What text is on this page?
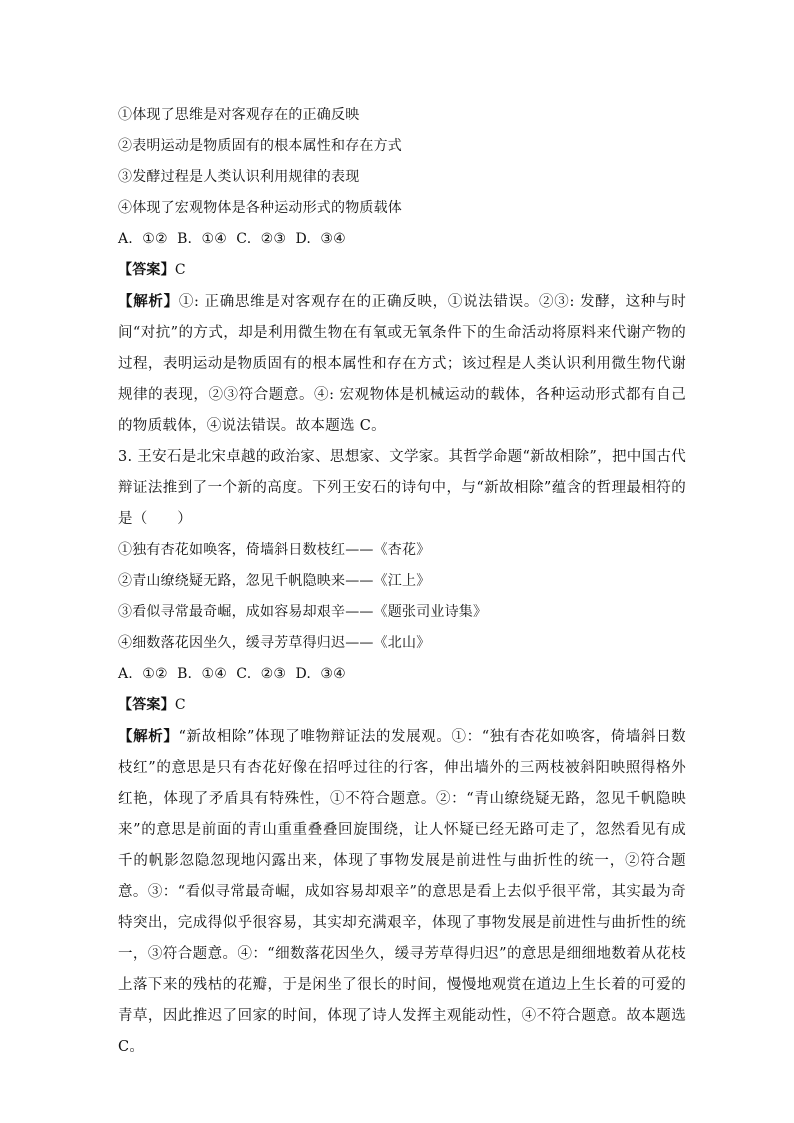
①体现了思维是对客观存在的正确反映
②表明运动是物质固有的根本属性和存在方式
③发酵过程是人类认识利用规律的表现
④体现了宏观物体是各种运动形式的物质载体
A.  ①②  B.  ①④  C.  ②③  D.  ③④
【答案】C
【解析】①: 正确思维是对客观存在的正确反映，①说法错误。②③: 发酵，这种与时间“对抗”的方式，却是利用微生物在有氧或无氧条件下的生命活动将原料来代谢产物的过程，表明运动是物质固有的根本属性和存在方式；该过程是人类认识利用微生物代谢规律的表现，②③符合题意。④: 宏观物体是机械运动的载体，各种运动形式都有自己的物质载体，④说法错误。故本题选 C。
3. 王安石是北宋卓越的政治家、思想家、文学家。其哲学命题“新故相除”，把中国古代辩证法推到了一个新的高度。下列王安石的诗句中，与“新故相除”蕴含的哲理最相符的是（　　）
①独有杏花如唤客，倚墙斜日数枝红——《杏花》
②青山缭绕疑无路，忽见千帆隐映来——《江上》
③看似寻常最奇崛，成如容易却艰辛——《题张司业诗集》
④细数落花因坐久，缓寻芳草得归迟——《北山》
A.  ①②  B.  ①④  C.  ②③  D.  ③④
【答案】C
【解析】“新故相除”体现了唯物辩证法的发展观。①：“独有杏花如唤客，倚墙斜日数枝红”的意思是只有杏花好像在招呼过往的行客，伸出墙外的三两枝被斜阳映照得格外红艳，体现了矛盾具有特殊性，①不符合题意。②：“青山缭绕疑无路，忽见千帆隐映来”的意思是前面的青山重重叠叠回旋围绕，让人怀疑已经无路可走了，忽然看见有成千的帆影忽隐忽现地闪露出来，体现了事物发展是前进性与曲折性的统一，②符合题意。③：“看似寻常最奇崛，成如容易却艰辛”的意思是看上去似乎很平常，其实最为奇特突出，完成得似乎很容易，其实却充满艰辛，体现了事物发展是前进性与曲折性的统一，③符合题意。④：“细数落花因坐久，缓寻芳草得归迟”的意思是细细地数着从花枝上落下来的残枯的花瓣，于是闲坐了很长的时间，慢慢地观赏在道边上生长着的可爱的青草，因此推迟了回家的时间，体现了诗人发挥主观能动性，④不符合题意。故本题选 C。
